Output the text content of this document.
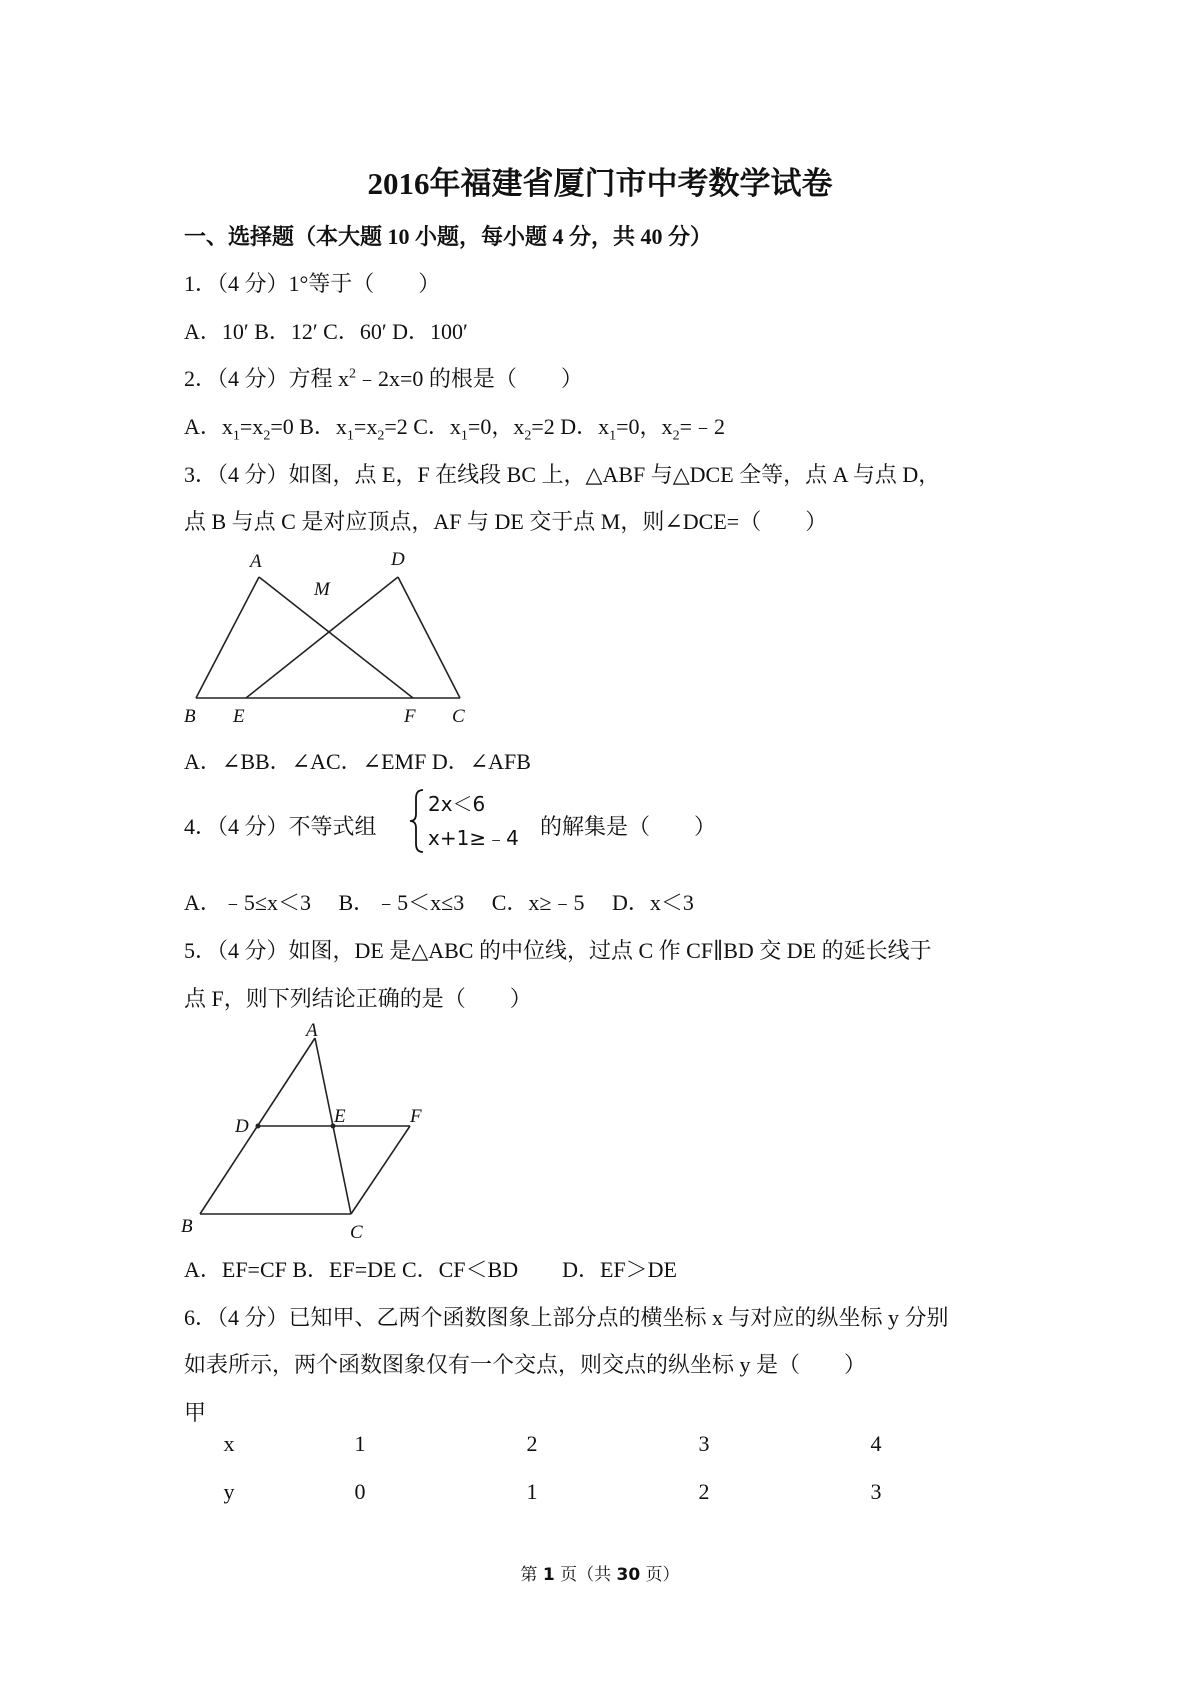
2016年福建省厦门市中考数学试卷
一、选择题（本大题 10 小题，每小题 4 分，共 40 分）
1．（4 分）1°等于（　　）
A．10′ B．12′ C．60′ D．100′
2．（4 分）方程 $x^2﹣2x=0$ 的根是（　　）
A．$x_1=x_2=0$ B．$x_1=x_2=2$ C．$x_1=0$，$x_2=2$ D．$x_1=0$，$x_2=﹣2$
3．（4 分）如图，点 E，F 在线段 BC 上，△ABF 与△DCE 全等，点 A 与点 D，
点 B 与点 C 是对应顶点，AF 与 DE 交于点 M，则∠DCE=（　　）
A	D
M
B E	F C
A．∠BB．∠AC．∠EMF D．∠AFB
4．（4 分）不等式组
2x＜6
x+1≥﹣4 的解集是（　　）
A．﹣5≤x＜3　 B．﹣5＜x≤3　 C．x≥﹣5　 D．x＜3
5．（4 分）如图，DE 是△ABC 的中位线，过点 C 作 CF∥BD 交 DE 的延长线于
点 F，则下列结论正确的是（　　）
A
D	E	F
B	C
A．EF=CF B．EF=DE C．CF＜BD　　D．EF＞DE
6．（4 分）已知甲、乙两个函数图象上部分点的横坐标 x 与对应的纵坐标 y 分别
如表所示，两个函数图象仅有一个交点，则交点的纵坐标 y 是（　　）
甲
x	1	2	3	4
y	0	1	2	3
第 1 页（共 30 页）
